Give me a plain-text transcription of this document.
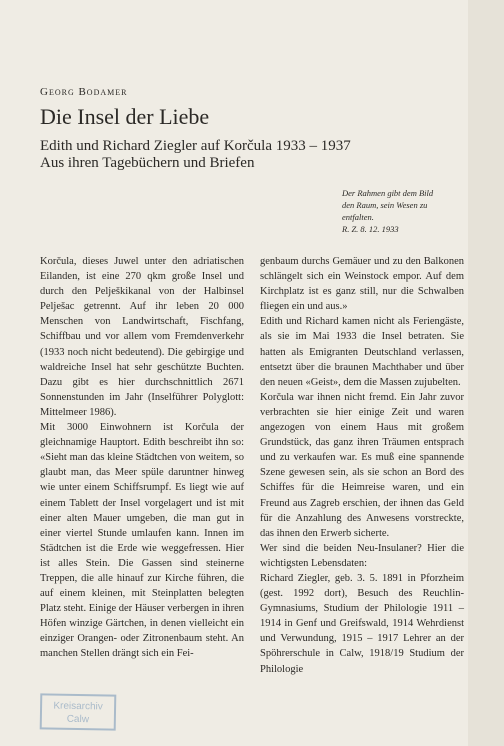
Georg Bodamer
Die Insel der Liebe
Edith und Richard Ziegler auf Korčula 1933 – 1937
Aus ihren Tagebüchern und Briefen
Der Rahmen gibt dem Bild
den Raum, sein Wesen zu
entfalten.
R. Z. 8. 12. 1933

Korčula, dieses Juwel unter den adriatischen Eilanden, ist eine 270 qkm große Insel und durch den Pelješkikanal von der Halbinsel Pelješac getrennt. Auf ihr leben 20 000 Menschen von Landwirtschaft, Fischfang, Schiffbau und vor allem vom Fremdenverkehr (1933 noch nicht bedeutend). Die gebirgige und waldreiche Insel hat sehr geschützte Buchten. Dazu gibt es hier durchschnittlich 2671 Sonnenstunden im Jahr (Inselführer Polyglott: Mittelmeer 1986).

Mit 3000 Einwohnern ist Korčula der gleichnamige Hauptort. Edith beschreibt ihn so: «Sieht man das kleine Städtchen von weitem, so glaubt man, das Meer spüle daruntner hinweg wie unter einem Schiffsrumpf. Es liegt wie auf einem Tablett der Insel vorgelagert und ist mit einer alten Mauer umgeben, die man gut in einer viertel Stunde umlaufen kann. Innen im Städtchen ist die Erde wie weggefressen. Hier ist alles Stein. Die Gassen sind steinerne Treppen, die alle hinauf zur Kirche führen, die auf einem kleinen, mit Steinplatten belegten Platz steht. Einige der Häuser verbergen in ihren Höfen winzige Gärtchen, in denen vielleicht ein einziger Orangen- oder Zitronenbaum steht. An manchen Stellen drängt sich ein Fei-

genbaum durchs Gemäuer und zu den Balkonen schlängelt sich ein Weinstock empor. Auf dem Kirchplatz ist es ganz still, nur die Schwalben fliegen ein und aus.»

Edith und Richard kamen nicht als Feriengäste, als sie im Mai 1933 die Insel betraten. Sie hatten als Emigranten Deutschland verlassen, entsetzt über die braunen Machthaber und über den neuen «Geist», dem die Massen zujubelten.

Korčula war ihnen nicht fremd. Ein Jahr zuvor verbrachten sie hier einige Zeit und waren angezogen von einem Haus mit großem Grundstück, das ganz ihren Träumen entsprach und zu verkaufen war. Es muß eine spannende Szene gewesen sein, als sie schon an Bord des Schiffes für die Heimreise waren, und ein Freund aus Zagreb erschien, der ihnen das Geld für die Anzahlung des Anwesens vorstreckte, das ihnen den Erwerb sicherte.

Wer sind die beiden Neu-Insulaner? Hier die wichtigsten Lebensdaten:

Richard Ziegler, geb. 3. 5. 1891 in Pforzheim (gest. 1992 dort), Besuch des Reuchlin-Gymnasiums, Studium der Philologie 1911 – 1914 in Genf und Greifswald, 1914 Wehrdienst und Verwundung, 1915 – 1917 Lehrer an der Spöhrerschule in Calw, 1918/19 Studium der Philologie

Kreisarchiv
Calw
